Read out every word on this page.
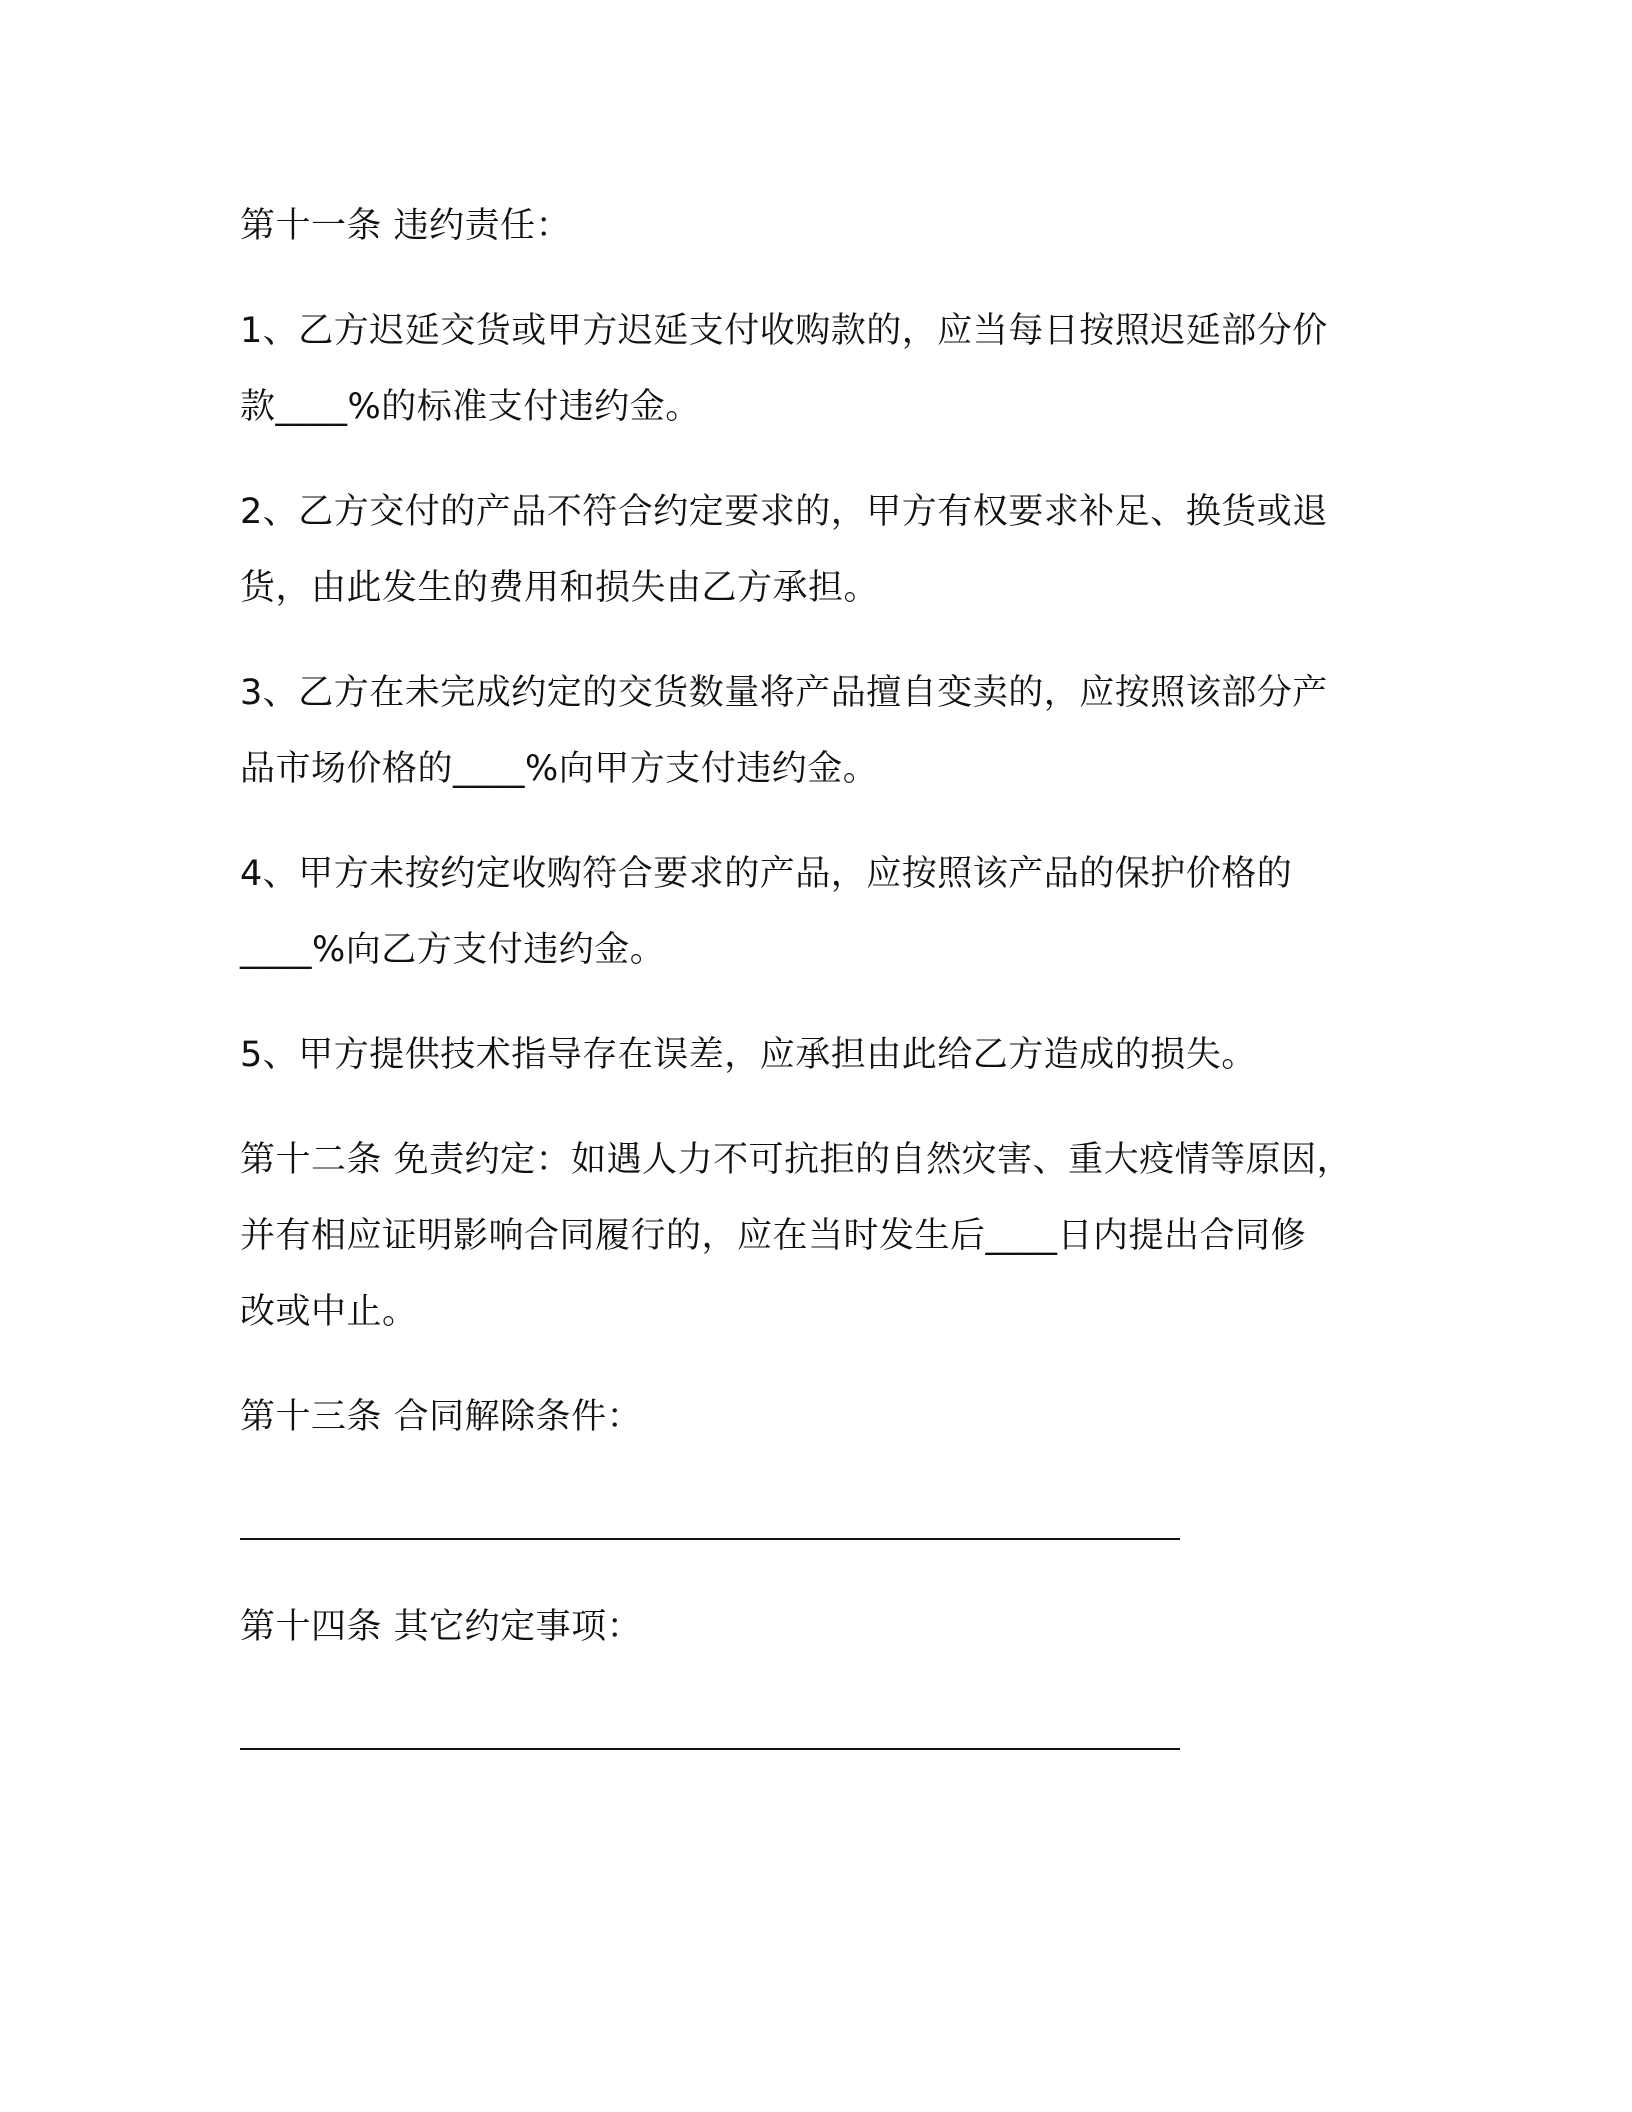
第十一条 违约责任：
1、乙方迟延交货或甲方迟延支付收购款的，应当每日按照迟延部分价
款____%的标准支付违约金。
2、乙方交付的产品不符合约定要求的，甲方有权要求补足、换货或退
货，由此发生的费用和损失由乙方承担。
3、乙方在未完成约定的交货数量将产品擅自变卖的，应按照该部分产
品市场价格的____%向甲方支付违约金。
4、甲方未按约定收购符合要求的产品，应按照该产品的保护价格的
____%向乙方支付违约金。
5、甲方提供技术指导存在误差，应承担由此给乙方造成的损失。
第十二条 免责约定：如遇人力不可抗拒的自然灾害、重大疫情等原因，
并有相应证明影响合同履行的，应在当时发生后____日内提出合同修
改或中止。
第十三条 合同解除条件：
第十四条 其它约定事项：
